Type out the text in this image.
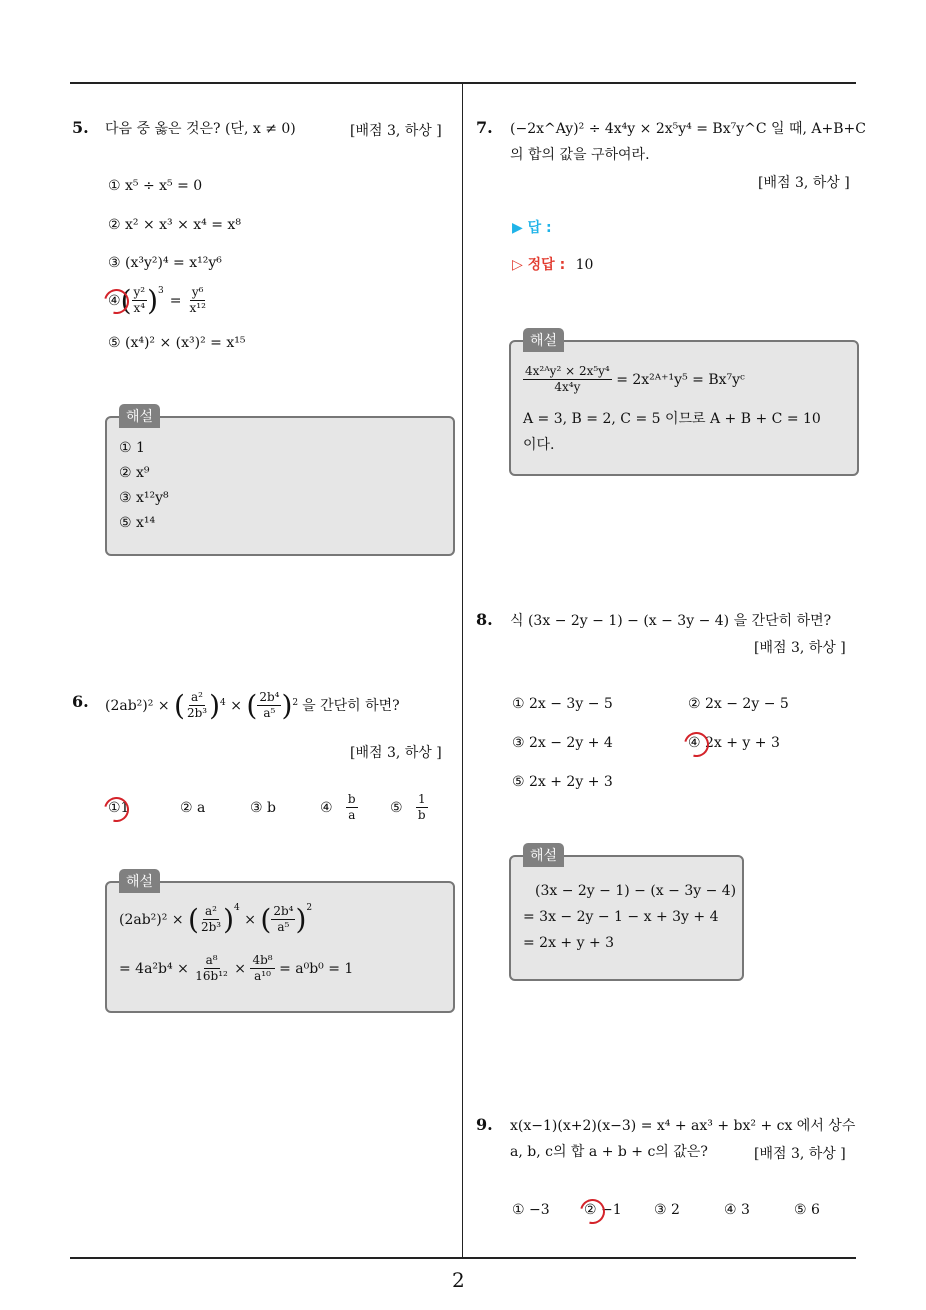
5. 다음 중 옳은 것은? (단, x ≠ 0)	[배점 3, 하상 ]
① x⁵ ÷ x⁵ = 0
② x² × x³ × x⁴ = x⁸
③ (x³y²)⁴ = x¹²y⁶
④ ( $\frac{\text{y²}}{\text{x⁴}} )^3$
= $\frac{\text{y⁶}}{\text{x¹²}}$
⑤ (x⁴)² × (x³)² = x¹⁵
해설
① 1
② x⁹
③ x¹²y⁸
⑤ x¹⁴
6. (2ab²)² × ( $\frac{\text{a²}}{\text{2b³}}$ ) 4 × ( $\frac{\text{2b⁴}}{\text{a⁵}}$ ) 2 을 간단히 하면?
[배점 3, 하상 ]
①1	② a	③ b	④
$\frac{b}{a}$ ⑤
$\frac{1}{b}$
해설
(2ab²)² × ( $\frac{\text{a²}}{\text{2b³}} )^4$
× ( $\frac{\text{2b⁴}}{\text{a⁵}} )^2$
= 4a²b⁴ ×
$\frac{\text{a⁸}}{\text{16b¹²}} \times \frac{\text{4b⁸}}{\text{a¹⁰}}$
= a⁰b⁰ = 1
7. (−2x^Ay)² ÷ 4x⁴y × 2x⁵y⁴ = Bx⁷y^C 일 때, A+B+C
의 합의 값을 구하여라.
[배점 3, 하상 ]
▶ 답 :
▷ 정답 : 10
해설
$\frac{\text{4x²ᴬy² × 2x⁵y⁴}}{\text{4x⁴y}}$
= 2x²ᴬ⁺¹y⁵ = Bx⁷yᶜ
A = 3, B = 2, C = 5 이므로 A + B + C = 10
이다.
8. 식 (3x − 2y − 1) − (x − 3y − 4) 을 간단히 하면?
[배점 3, 하상 ]
① 2x − 3y − 5	② 2x − 2y − 5
③ 2x − 2y + 4	④ 2x + y + 3
⑤ 2x + 2y + 3
해설
(3x − 2y − 1) − (x − 3y − 4)
= 3x − 2y − 1 − x + 3y + 4
= 2x + y + 3
9. x(x−1)(x+2)(x−3) = x⁴ + ax³ + bx² + cx 에서 상수
a, b, c의 합 a + b + c의 값은?	[배점 3, 하상 ]
① −3 ② −1 ③ 2	④ 3	⑤ 6
2
